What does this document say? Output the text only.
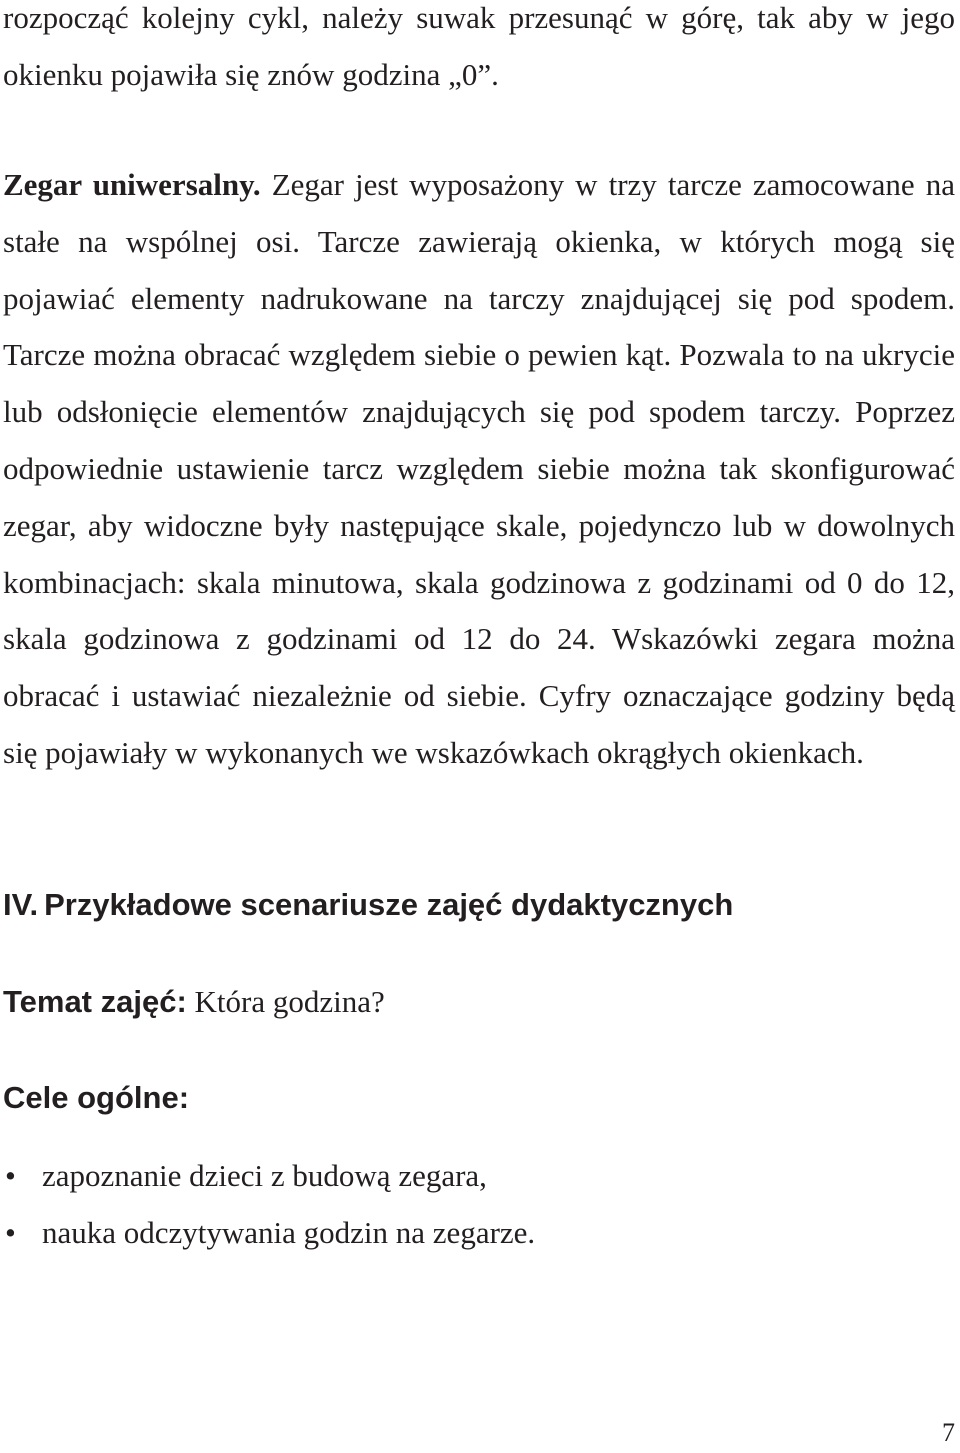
rozpocząć kolejny cykl, należy suwak przesunąć w górę, tak aby w jego okienku pojawiła się znów godzina „0”.

Zegar uniwersalny. Zegar jest wyposażony w trzy tarcze zamocowane na stałe na wspólnej osi. Tarcze zawierają okienka, w których mogą się pojawiać elementy nadrukowane na tarczy znajdującej się pod spodem. Tarcze można obracać względem siebie o pewien kąt. Pozwala to na ukrycie lub odsłonięcie elementów znajdujących się pod spodem tarczy. Poprzez odpowiednie ustawienie tarcz względem siebie można tak skonfigurować zegar, aby widoczne były następujące skale, pojedynczo lub w dowolnych kombinacjach: skala minutowa, skala godzinowa z godzinami od 0 do 12, skala godzinowa z godzinami od 12 do 24. Wskazówki zegara można obracać i ustawiać niezależnie od siebie. Cyfry oznaczające godziny będą się pojawiały w wykonanych we wskazówkach okrągłych okienkach.

IV. Przykładowe scenariusze zajęć dydaktycznych

Temat zajęć: Która godzina?

Cele ogólne:
• zapoznanie dzieci z budową zegara,
• nauka odczytywania godzin na zegarze.
7
